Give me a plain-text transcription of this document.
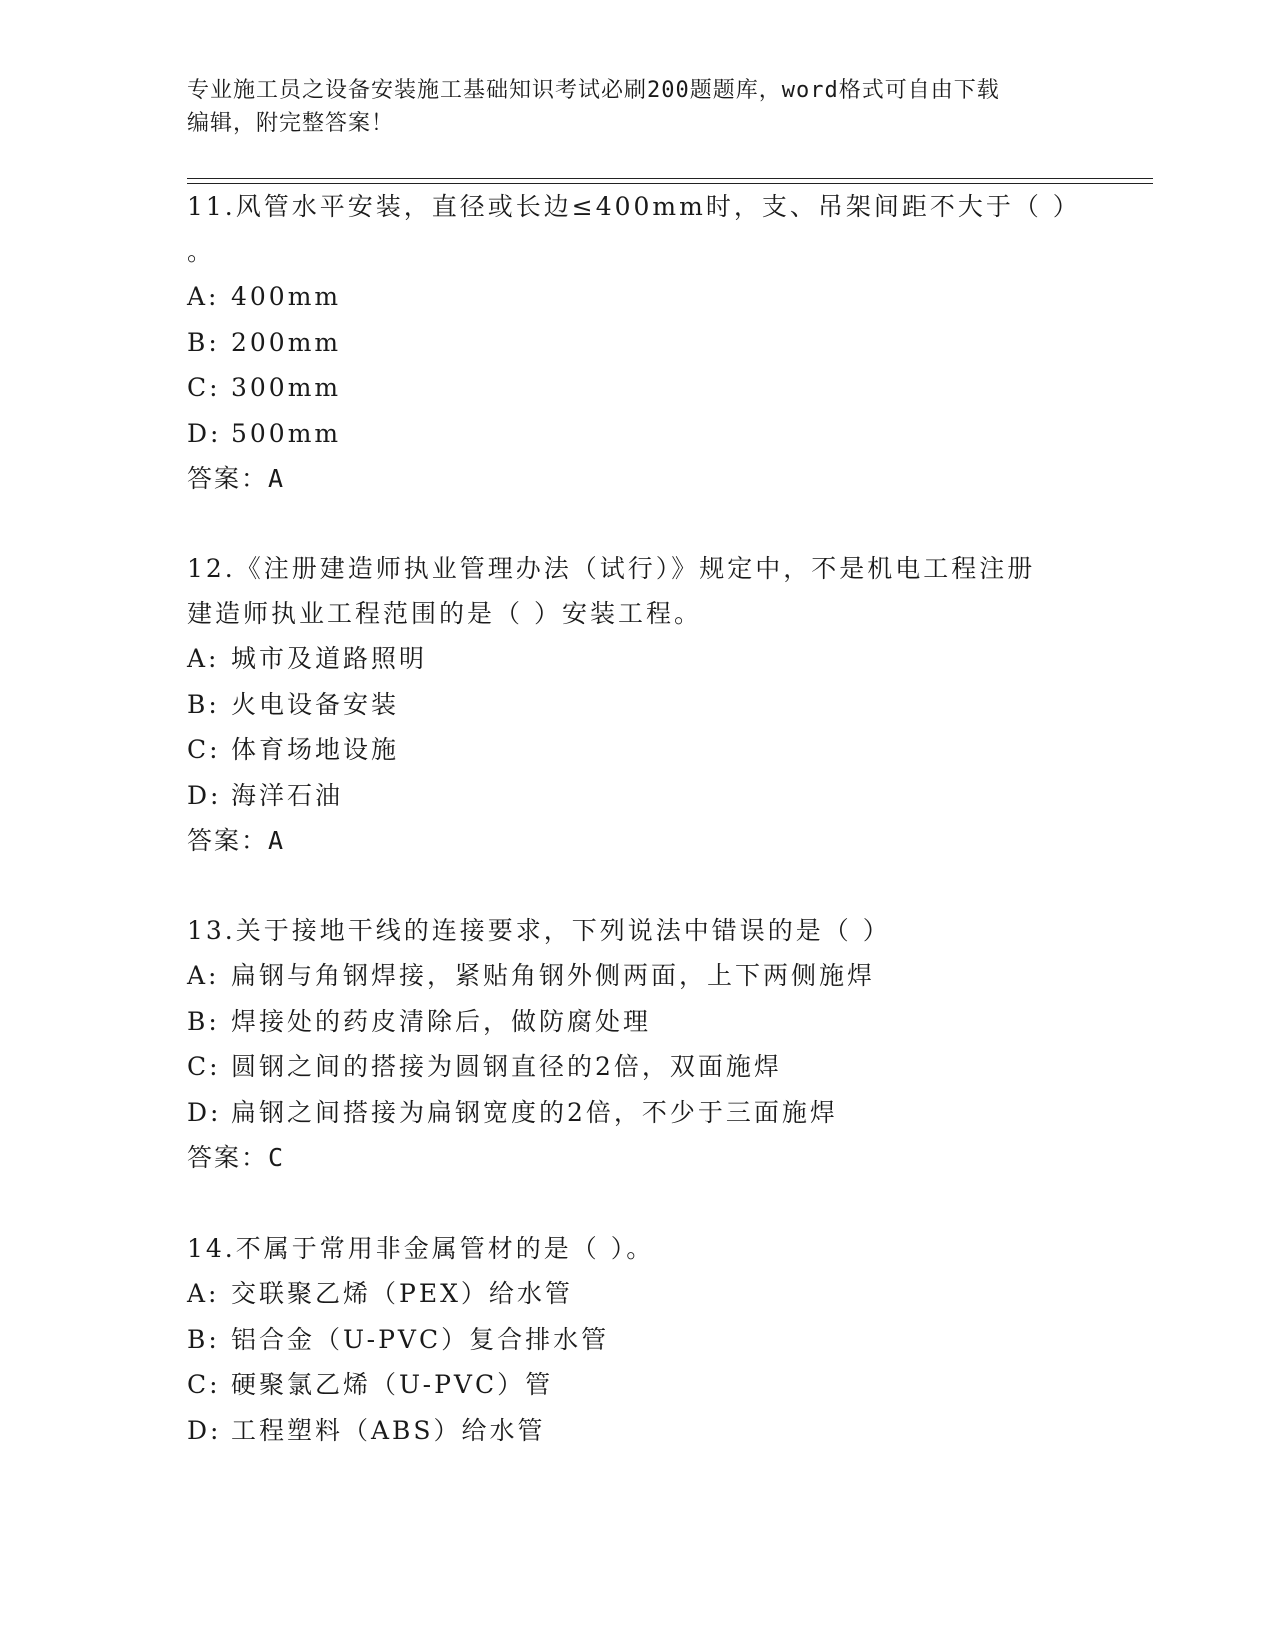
专业施工员之设备安装施工基础知识考试必刷200题题库，word格式可自由下载
编辑，附完整答案！

11.风管水平安装，直径或长边≤400mm时，支、吊架间距不大于（ ）

。

A: 400mm

B: 200mm

C: 300mm

D: 500mm

答案：A

12.《注册建造师执业管理办法（试行）》规定中，不是机电工程注册

建造师执业工程范围的是（ ）安装工程。

A: 城市及道路照明

B: 火电设备安装

C: 体育场地设施

D: 海洋石油

答案：A

13.关于接地干线的连接要求，下列说法中错误的是（ ）

A: 扁钢与角钢焊接，紧贴角钢外侧两面，上下两侧施焊

B: 焊接处的药皮清除后，做防腐处理

C: 圆钢之间的搭接为圆钢直径的2倍，双面施焊

D: 扁钢之间搭接为扁钢宽度的2倍，不少于三面施焊

答案：C

14.不属于常用非金属管材的是（ ）。

A: 交联聚乙烯（PEX）给水管

B: 铝合金（U-PVC）复合排水管

C: 硬聚氯乙烯（U-PVC）管

D: 工程塑料（ABS）给水管
